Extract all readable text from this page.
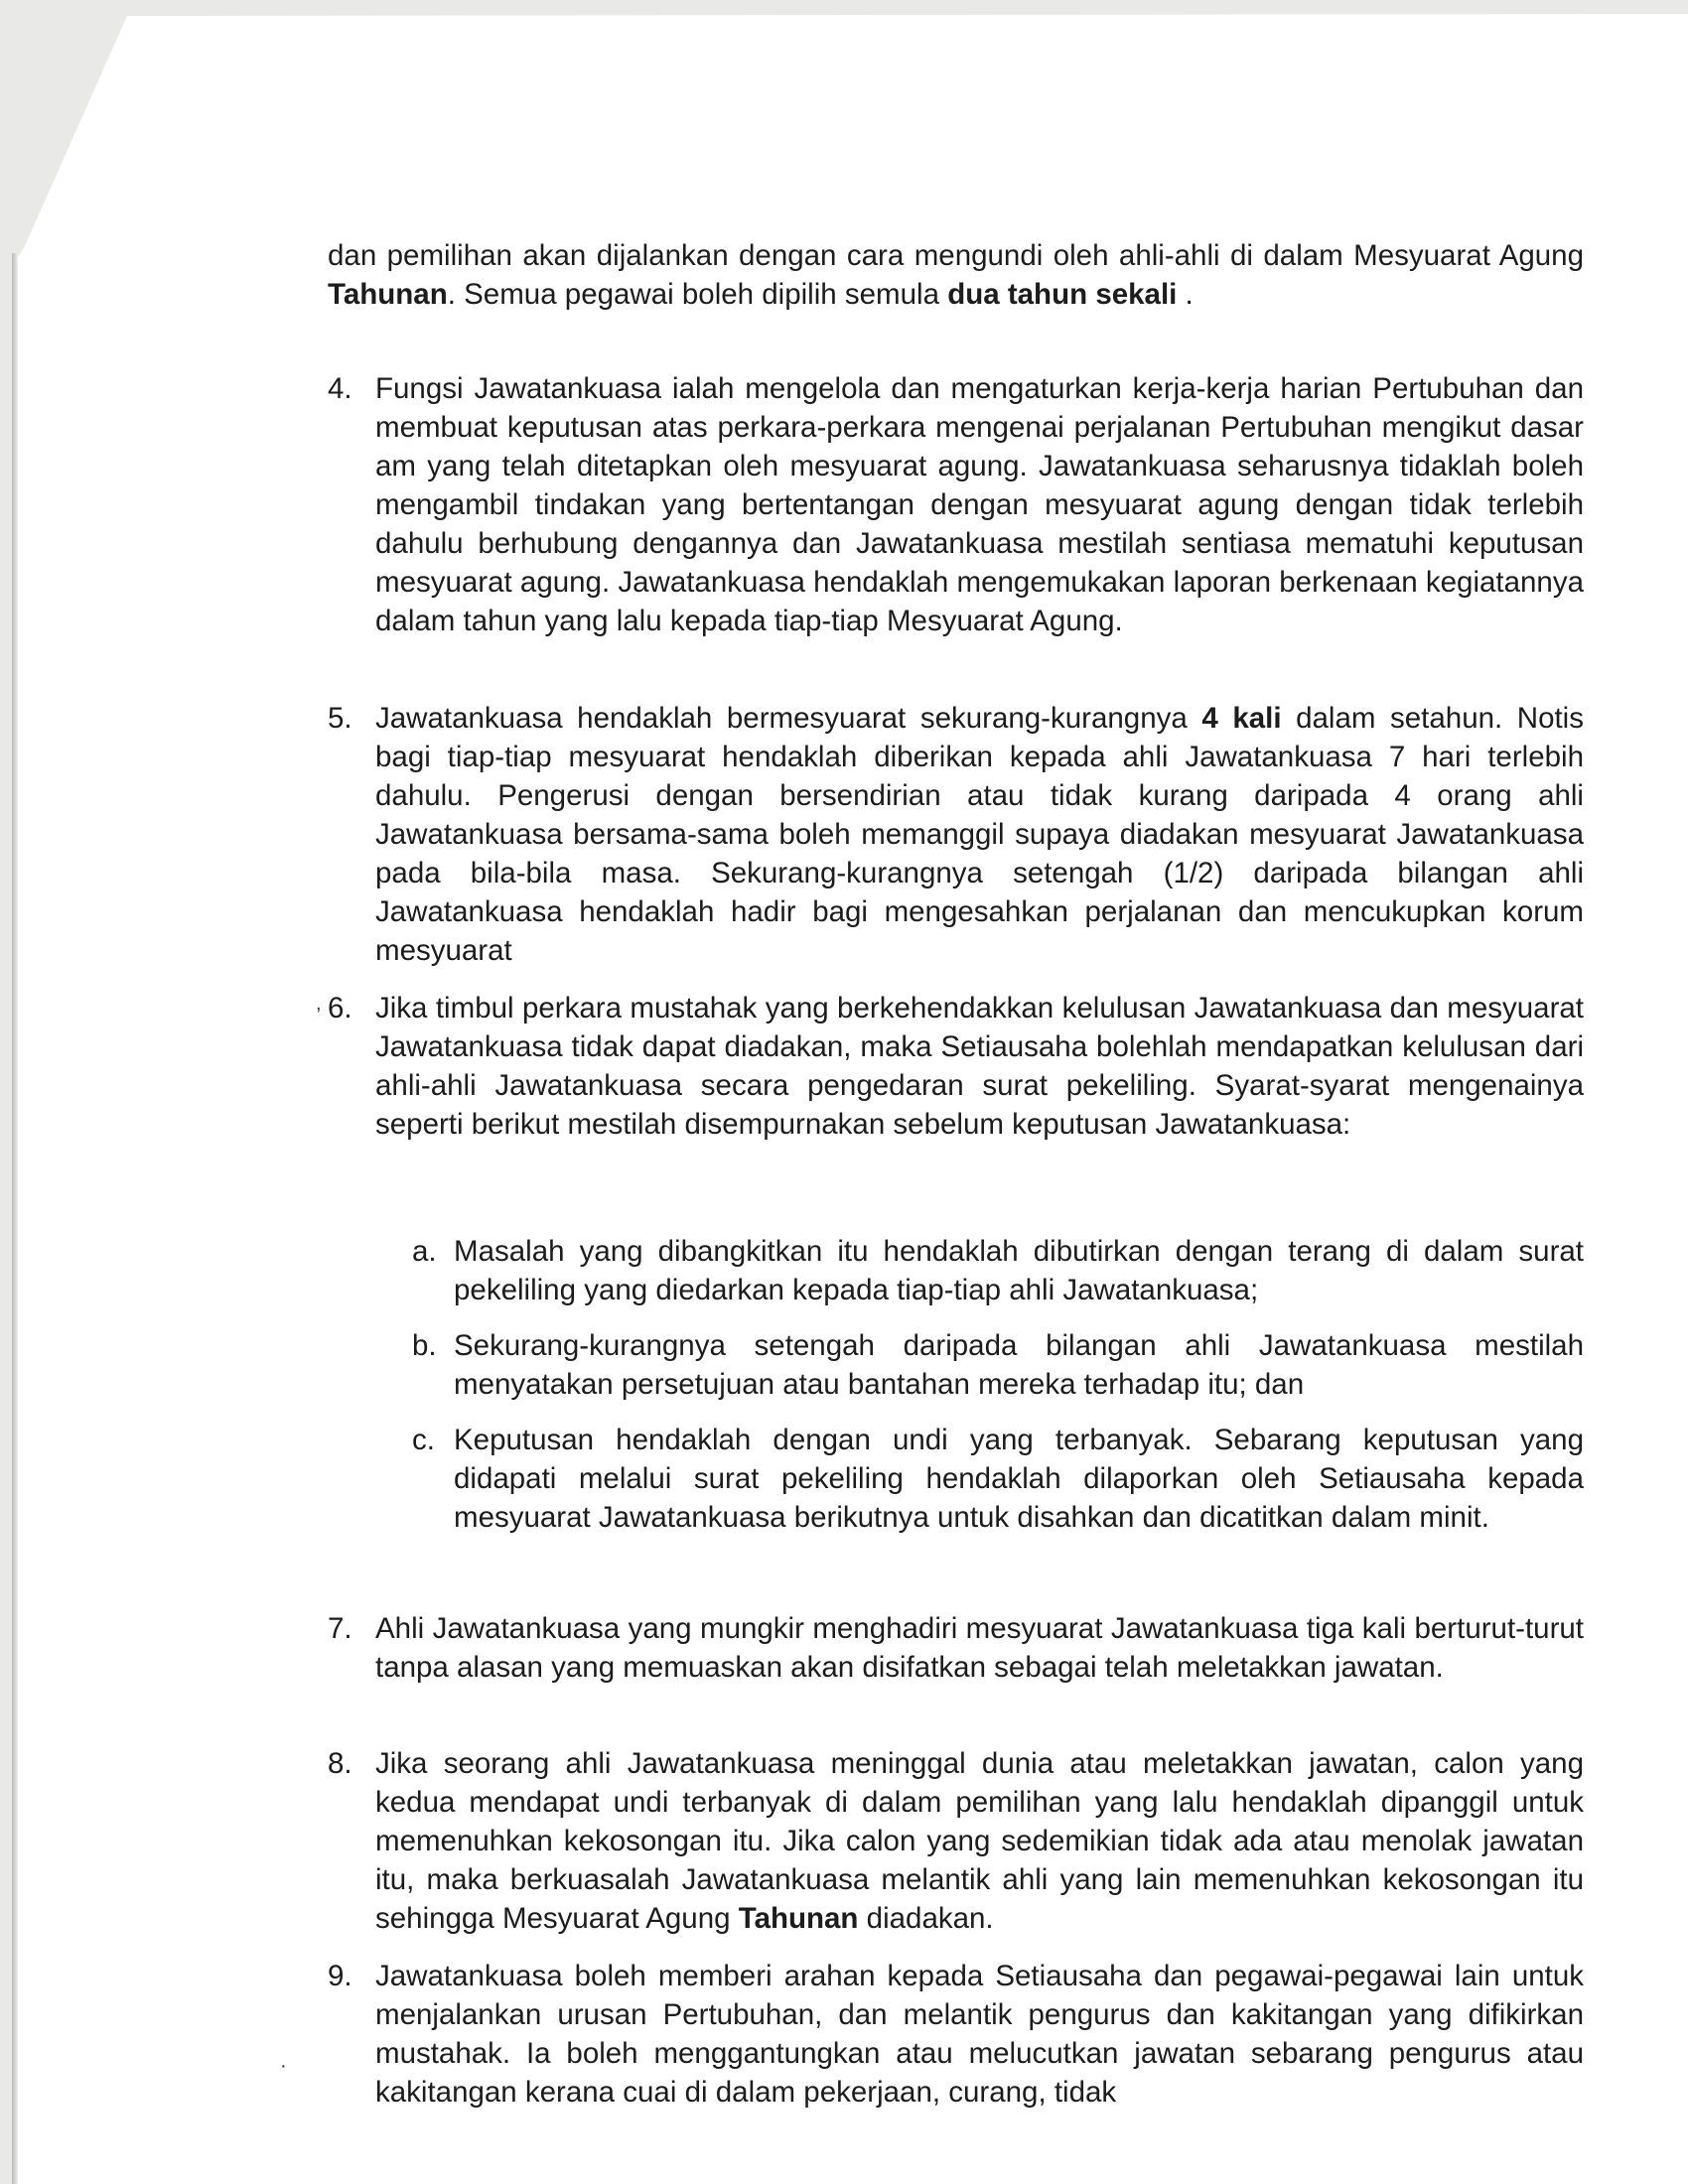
dan pemilihan akan dijalankan dengan cara mengundi oleh ahli-ahli di dalam Mesyuarat Agung Tahunan. Semua pegawai boleh dipilih semula dua tahun sekali .
4. Fungsi Jawatankuasa ialah mengelola dan mengaturkan kerja-kerja harian Pertubuhan dan membuat keputusan atas perkara-perkara mengenai perjalanan Pertubuhan mengikut dasar am yang telah ditetapkan oleh mesyuarat agung. Jawatankuasa seharusnya tidaklah boleh mengambil tindakan yang bertentangan dengan mesyuarat agung dengan tidak terlebih dahulu berhubung dengannya dan Jawatankuasa mestilah sentiasa mematuhi keputusan mesyuarat agung. Jawatankuasa hendaklah mengemukakan laporan berkenaan kegiatannya dalam tahun yang lalu kepada tiap-tiap Mesyuarat Agung.
5. Jawatankuasa hendaklah bermesyuarat sekurang-kurangnya 4 kali dalam setahun. Notis bagi tiap-tiap mesyuarat hendaklah diberikan kepada ahli Jawatankuasa 7 hari terlebih dahulu. Pengerusi dengan bersendirian atau tidak kurang daripada 4 orang ahli Jawatankuasa bersama-sama boleh memanggil supaya diadakan mesyuarat Jawatankuasa pada bila-bila masa. Sekurang-kurangnya setengah (1/2) daripada bilangan ahli Jawatankuasa hendaklah hadir bagi mengesahkan perjalanan dan mencukupkan korum mesyuarat
6. Jika timbul perkara mustahak yang berkehendakkan kelulusan Jawatankuasa dan mesyuarat Jawatankuasa tidak dapat diadakan, maka Setiausaha bolehlah mendapatkan kelulusan dari ahli-ahli Jawatankuasa secara pengedaran surat pekeliling. Syarat-syarat mengenainya seperti berikut mestilah disempurnakan sebelum keputusan Jawatankuasa:
a. Masalah yang dibangkitkan itu hendaklah dibutirkan dengan terang di dalam surat pekeliling yang diedarkan kepada tiap-tiap ahli Jawatankuasa;
b. Sekurang-kurangnya setengah daripada bilangan ahli Jawatankuasa mestilah menyatakan persetujuan atau bantahan mereka terhadap itu; dan
c. Keputusan hendaklah dengan undi yang terbanyak. Sebarang keputusan yang didapati melalui surat pekeliling hendaklah dilaporkan oleh Setiausaha kepada mesyuarat Jawatankuasa berikutnya untuk disahkan dan dicatitkan dalam minit.
7. Ahli Jawatankuasa yang mungkir menghadiri mesyuarat Jawatankuasa tiga kali berturut-turut tanpa alasan yang memuaskan akan disifatkan sebagai telah meletakkan jawatan.
8. Jika seorang ahli Jawatankuasa meninggal dunia atau meletakkan jawatan, calon yang kedua mendapat undi terbanyak di dalam pemilihan yang lalu hendaklah dipanggil untuk memenuhkan kekosongan itu. Jika calon yang sedemikian tidak ada atau menolak jawatan itu, maka berkuasalah Jawatankuasa melantik ahli yang lain memenuhkan kekosongan itu sehingga Mesyuarat Agung Tahunan diadakan.
9. Jawatankuasa boleh memberi arahan kepada Setiausaha dan pegawai-pegawai lain untuk menjalankan urusan Pertubuhan, dan melantik pengurus dan kakitangan yang difikirkan mustahak. Ia boleh menggantungkan atau melucutkan jawatan sebarang pengurus atau kakitangan kerana cuai di dalam pekerjaan, curang, tidak
,
·
